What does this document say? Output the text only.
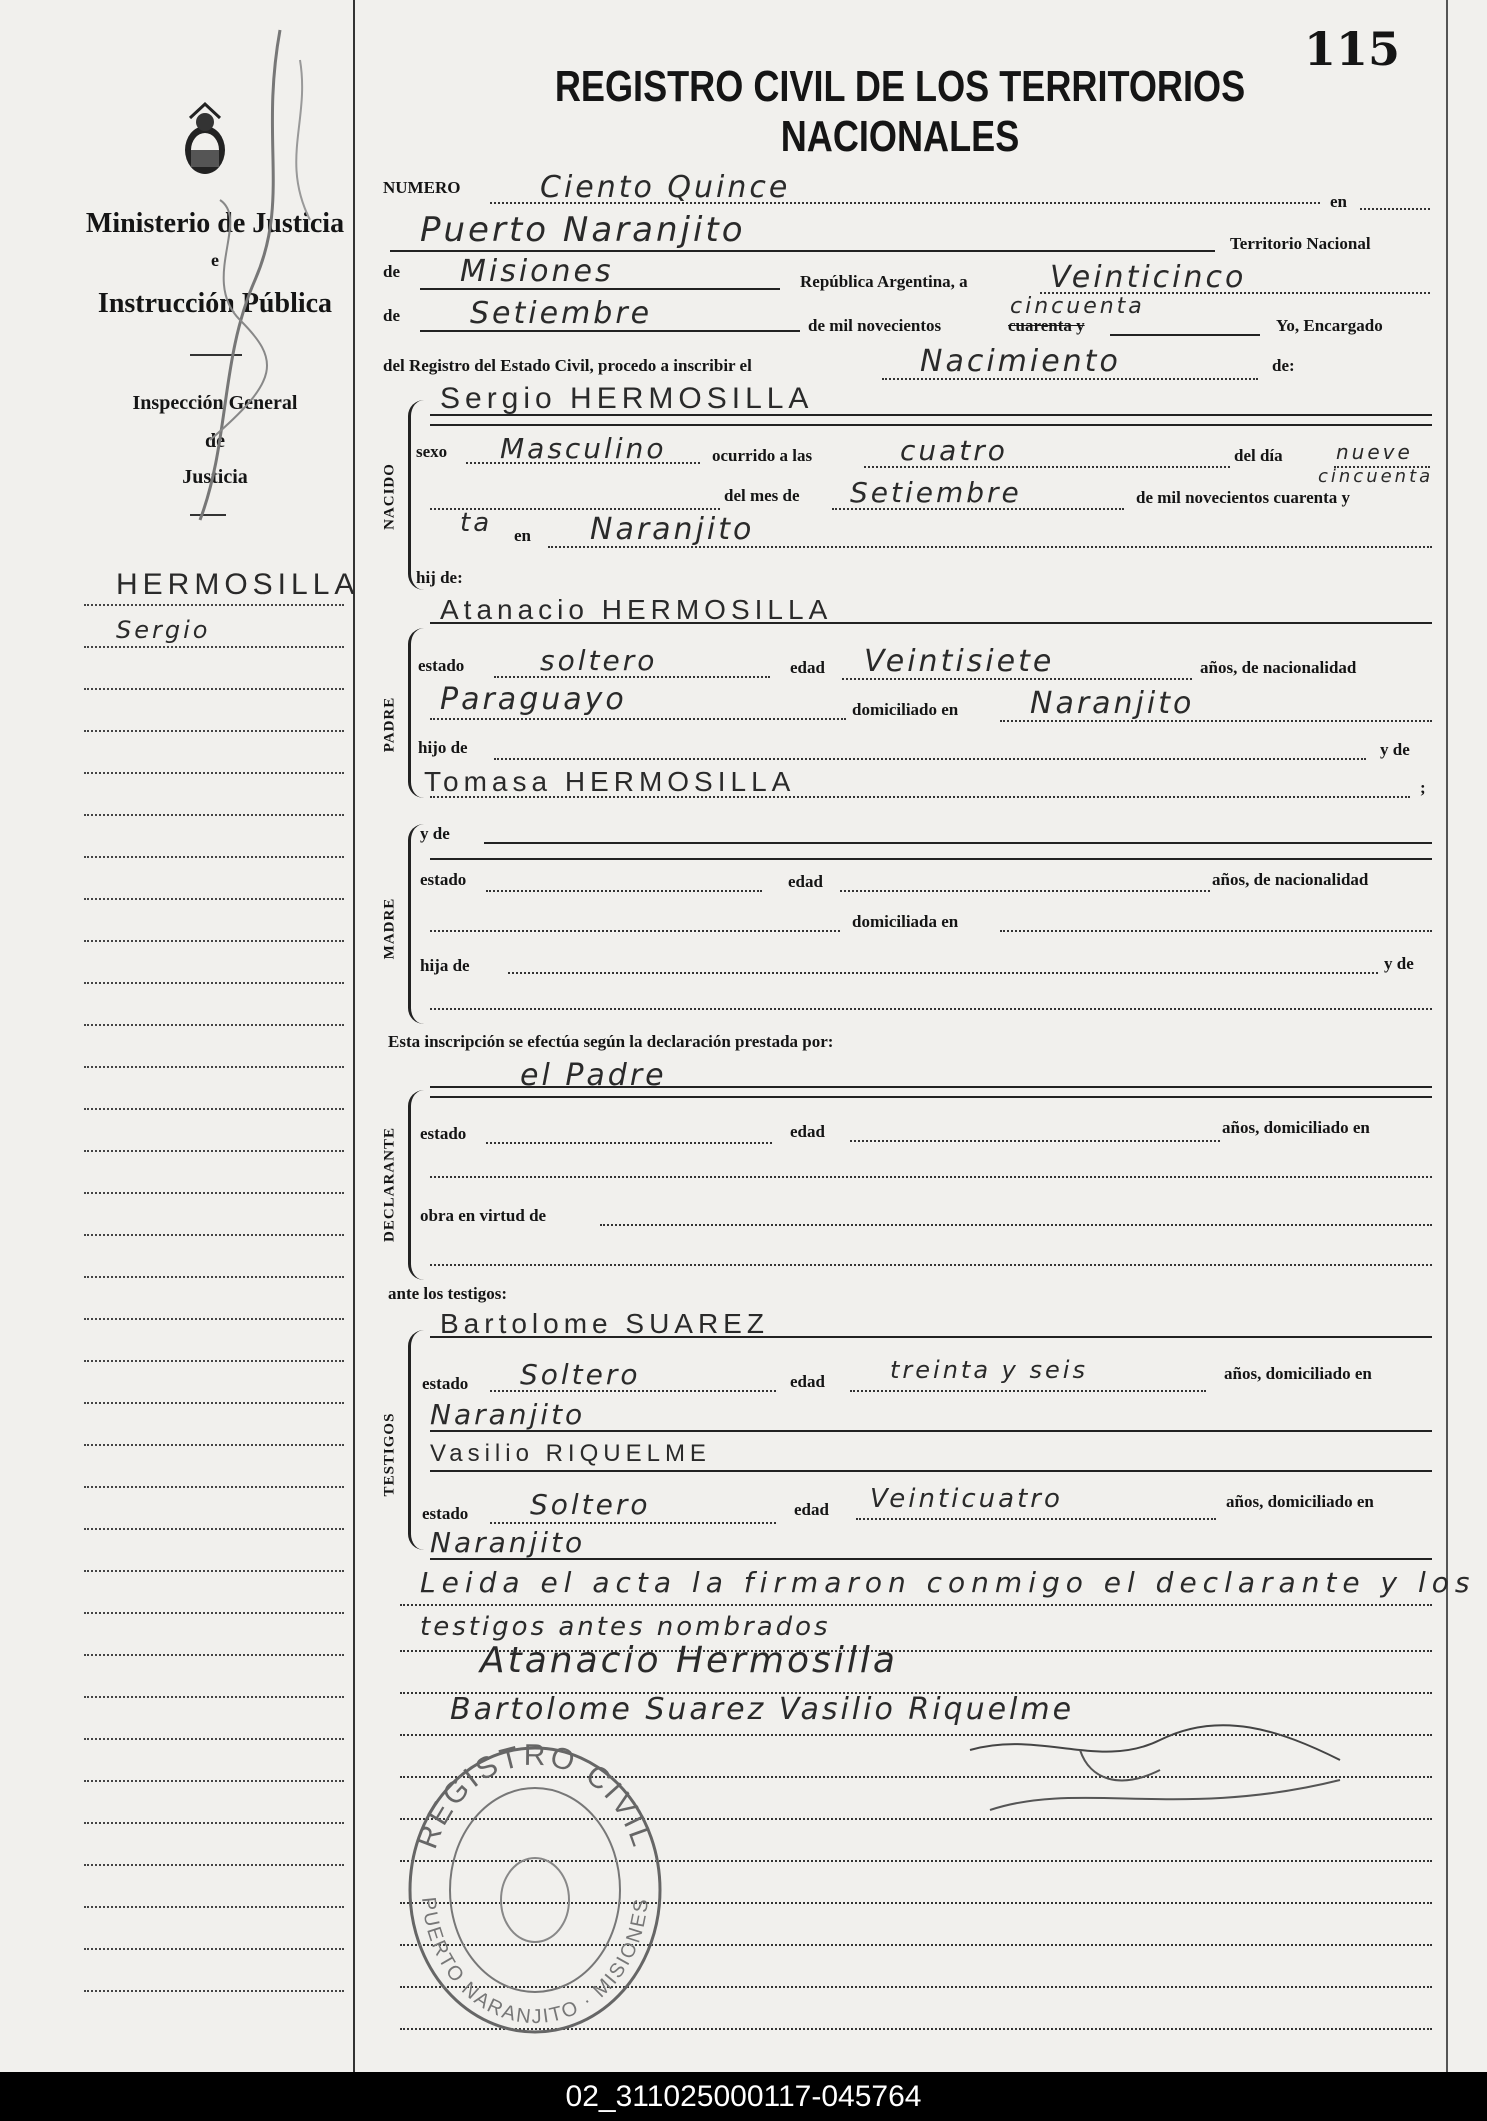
Ministerio de Justicia
e
Instrucción Pública
Inspección General
de
Justicia
HERMOSILLA
Sergio
115
REGISTRO CIVIL DE LOS TERRITORIOS NACIONALES
NUMERO	Ciento Quince	en
Puerto Naranjito	Territorio Nacional
de Misiones	República Argentina, a	Veinticinco
de Setiembre	de mil novecientos	cuarenta y
cincuenta
Yo, Encargado
del Registro del Estado Civil, procedo a inscribir el	Nacimiento	de:
NACIDO
Sergio HERMOSILLA
sexo Masculino	ocurrido a las	cuatro	del día	nueve
del mes de Setiembre	de mil novecientos cuarenta y
cincuenta
ta en Naranjito
hij de:
Atanacio HERMOSILLA
PADRE
estado	soltero	edad Veintisiete	años, de nacionalidad
Paraguayo	domiciliado en Naranjito
hijo de	y de
Tomasa HERMOSILLA	;
MADRE
y de
estado	edad	años, de nacionalidad
domiciliada en
hija de	y de
Esta inscripción se efectúa según la declaración prestada por:
el Padre
DECLARANTE estado	edad	años, domiciliado en
obra en virtud de
ante los testigos:
Bartolome SUAREZ
TESTIGOS
estado Soltero	edad	treinta y seis	años, domiciliado en
Naranjito
Vasilio RIQUELME
estado Soltero	edad Veinticuatro	años, domiciliado en
Naranjito
Leida el acta la firmaron conmigo el declarante y los
testigos antes nombrados
Atanacio Hermosilla
Bartolome Suarez Vasilio Riquelme
REGISTRO CIVIL
PUERTO NARANJITO · MISIONES
02_311025000117-045764
